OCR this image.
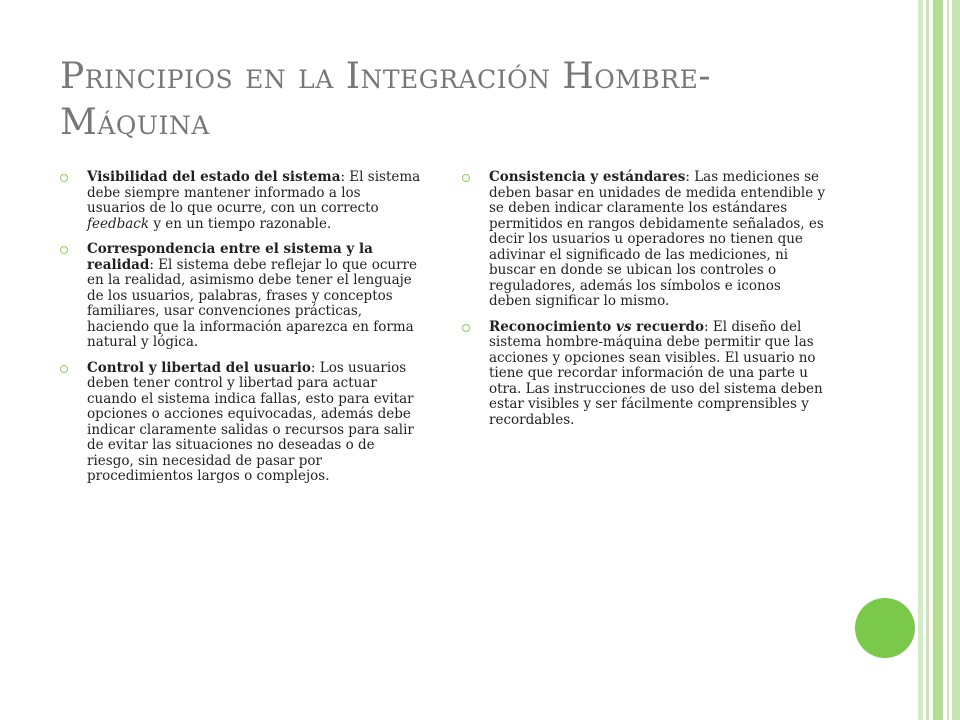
Principios en la Integración Hombre-Máquina
Visibilidad del estado del sistema: El sistema debe siempre mantener informado a los usuarios de lo que ocurre, con un correcto feedback y en un tiempo razonable.
Correspondencia entre el sistema y la realidad: El sistema debe reflejar lo que ocurre en la realidad, asimismo debe tener el lenguaje de los usuarios, palabras, frases y conceptos familiares, usar convenciones prácticas, haciendo que la información aparezca en forma natural y lógica.
Control y libertad del usuario: Los usuarios deben tener control y libertad para actuar cuando el sistema indica fallas, esto para evitar opciones o acciones equivocadas, además debe indicar claramente salidas o recursos para salir de evitar las situaciones no deseadas o de riesgo, sin necesidad de pasar por procedimientos largos o complejos.
Consistencia y estándares: Las mediciones se deben basar en unidades de medida entendible y se deben indicar claramente los estándares permitidos en rangos debidamente señalados, es decir los usuarios u operadores no tienen que adivinar el significado de las mediciones, ni buscar en donde se ubican los controles o reguladores, además los símbolos e iconos deben significar lo mismo.
Reconocimiento vs recuerdo: El diseño del sistema hombre-máquina debe permitir que las acciones y opciones sean visibles. El usuario no tiene que recordar información de una parte u otra. Las instrucciones de uso del sistema deben estar visibles y ser fácilmente comprensibles y recordables.
